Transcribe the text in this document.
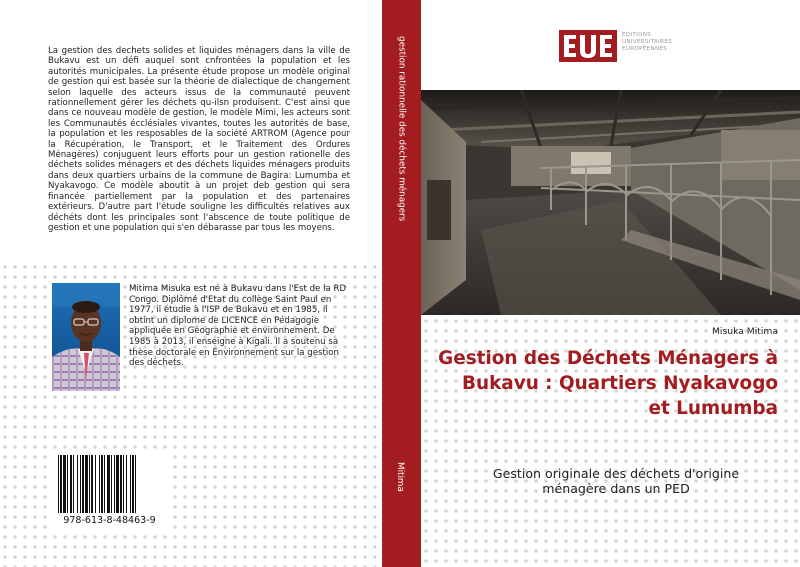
La gestion des dechets solides et liquides ménagers dans la ville de Bukavu est un défi auquel sont cnfrontées la population et les autorités municipales. La présente étude propose un modèle original de gestion qui est basée sur la théorie de dialectique de changement selon laquelle des acteurs issus de la communauté peuvent rationnellement gérer les déchets qu-ilsn produisent. C'est ainsi que dans ce nouveau modèle de gestion, le modèle Mimi, les acteurs sont les Communautés écclésiales vivantes, toutes les autorités de base, la population et les resposables de la société ARTROM (Agence pour la Récupération, le Transport, et le Traitement des Ordures Ménagères) conjuguent leurs efforts pour un gestion rationelle des déchets solides ménagers et des déchets liquides ménagers produits dans deux quartiers urbains de la commune de Bagira: Lumumba et Nyakavogo. Ce modèle aboutit à un projet deb gestion qui sera financée partiellement par la population et des partenaires extérieurs. D'autre part l'étude souligne les difficultés relatives aux déchéts dont les principales sont l'abscence de toute politique de gestion et une population qui s'en débarasse par tous les moyens.

Mitima Misuka est né à Bukavu dans l'Est de la RD Congo. Diplômé d'Etat du collège Saint Paul en 1977, il étudie à l'ISP de Bukavu et en 1985, il obtint un diplome de LICENCE en Pédagogie appliquée en Géographie et environnement. De 1985 à 2013, il enseigne à Kigali. Il a soutenu sa thèse doctorale en Environnement sur la gestion des déchets.

978-613-8-48463-9
gestion rationnelle des déchets ménagers
Mitima
ÉDITIONS
UNIVERSITAIRES
EUROPÉENNES
Misuka Mitima
Gestion des Déchets Ménagers à Bukavu : Quartiers Nyakavogo et Lumumba

Gestion originale des déchets d'origine ménagère dans un PED
